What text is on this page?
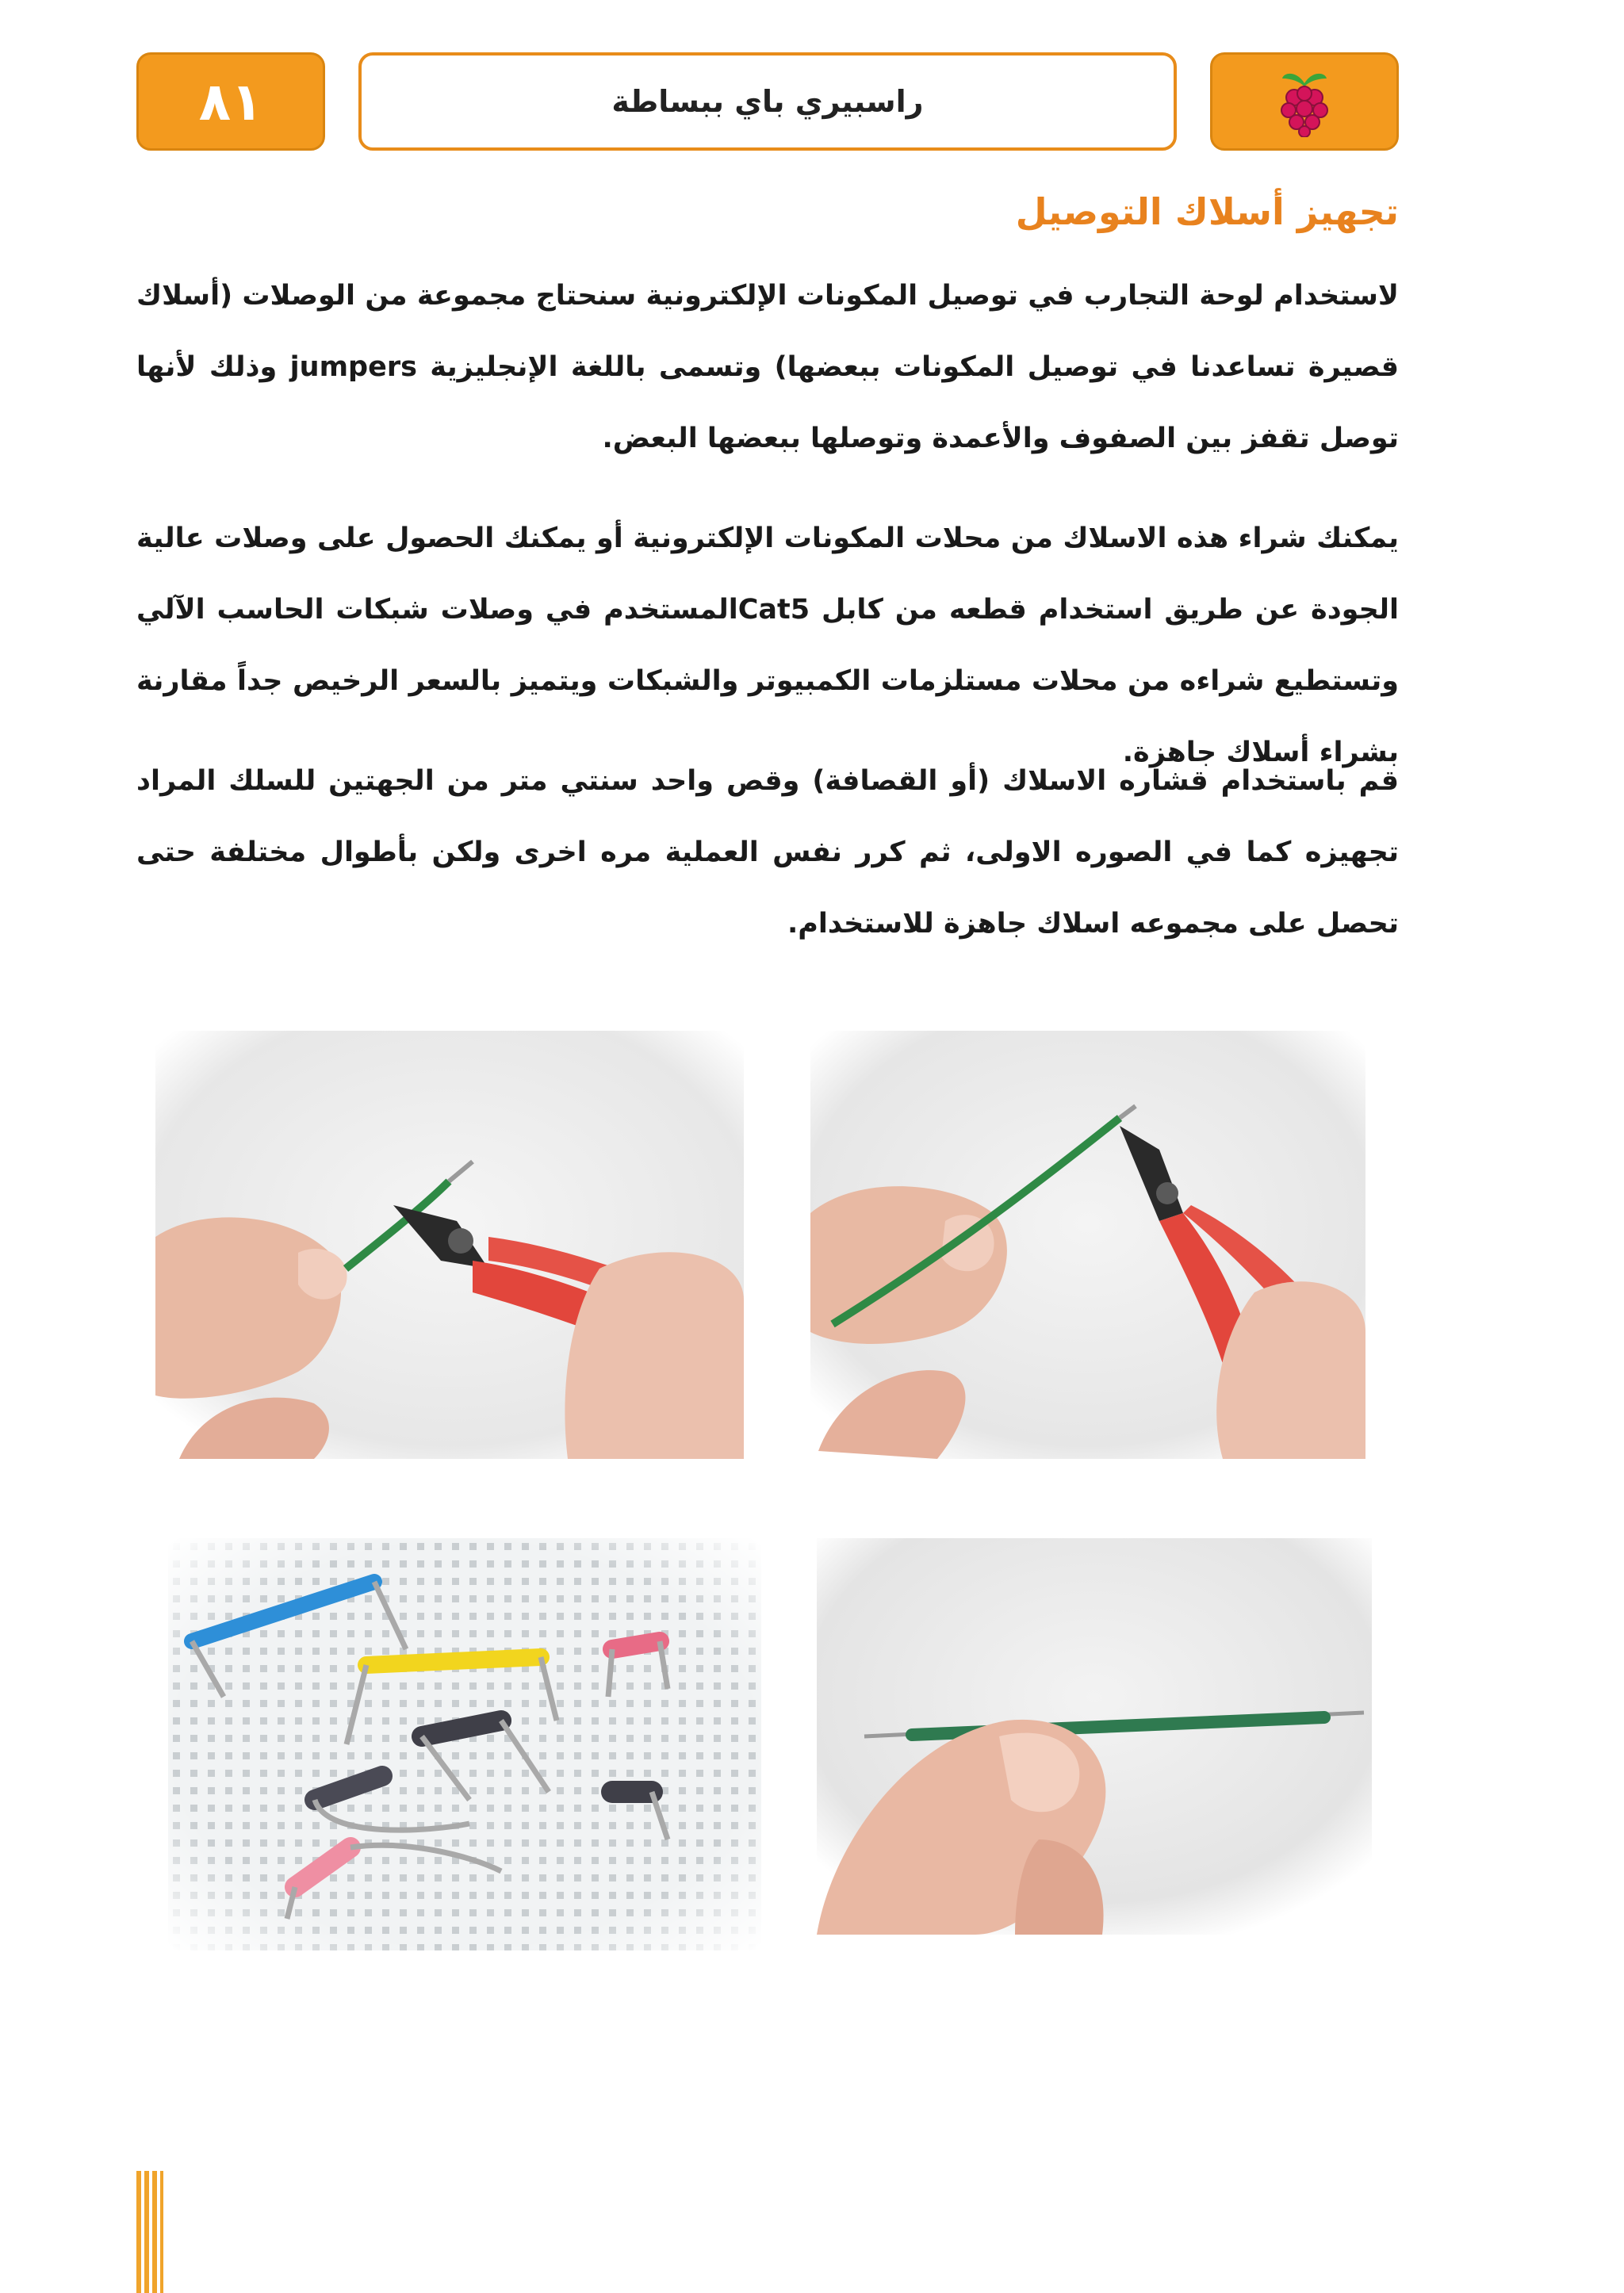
٨١	راسبيري باي ببساطة
تجهيز أسلاك التوصيل

لاستخدام لوحة التجارب في توصيل المكونات الإلكترونية سنحتاج مجموعة من الوصلات (أسلاك قصيرة تساعدنا في توصيل المكونات ببعضها) وتسمى باللغة الإنجليزية jumpers وذلك لأنها توصل تقفز بين الصفوف والأعمدة وتوصلها ببعضها البعض.

يمكنك شراء هذه الاسلاك من محلات المكونات الإلكترونية أو يمكنك الحصول على وصلات عالية الجودة عن طريق استخدام قطعه من كابل Cat5المستخدم في وصلات شبكات الحاسب الآلي وتستطيع شراءه من محلات مستلزمات الكمبيوتر والشبكات ويتميز بالسعر الرخيص جداً مقارنة بشراء أسلاك جاهزة.

قم باستخدام قشاره الاسلاك (أو القصافة) وقص واحد سنتي متر من الجهتين للسلك المراد تجهيزه كما في الصوره الاولى، ثم كرر نفس العملية مره اخرى ولكن بأطوال مختلفة حتى تحصل على مجموعه اسلاك جاهزة للاستخدام.
